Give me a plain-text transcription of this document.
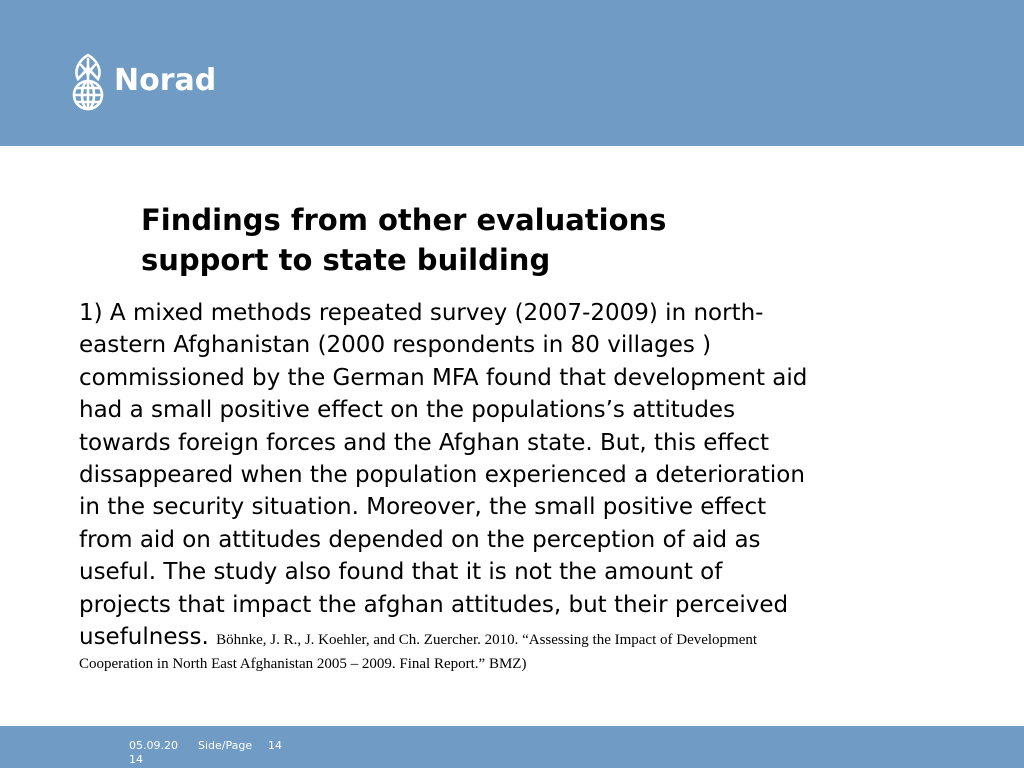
Norad
Findings from other evaluations
support to state building
1) A mixed methods repeated survey (2007-2009) in north-
eastern Afghanistan (2000 respondents in 80 villages )
commissioned by the German MFA found that development aid
had a small positive effect on the populations’s attitudes
towards foreign forces and the Afghan state. But, this effect
dissappeared when the population experienced a deterioration
in the security situation. Moreover, the small positive effect
from aid on attitudes depended on the perception of aid as
useful. The study also found that it is not the amount of
projects that impact the afghan attitudes, but their perceived
usefulness. Böhnke, J. R., J. Koehler, and Ch. Zuercher. 2010. “Assessing the Impact of Development
Cooperation in North East Afghanistan 2005 – 2009. Final Report.” BMZ)
05.09.20
14
Side/Page 14
